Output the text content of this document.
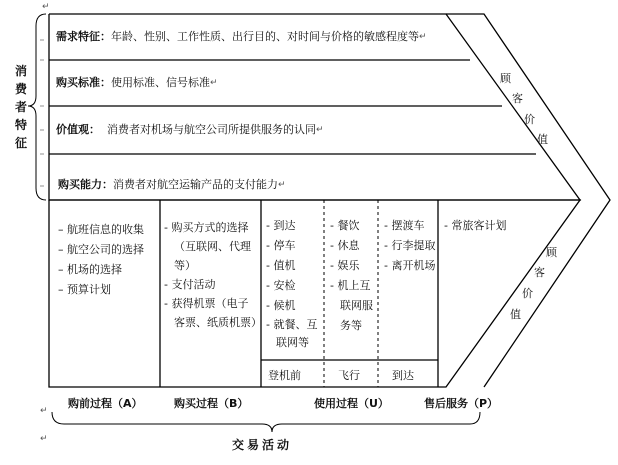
消
费
者
特
征
需求特征：年龄、性别、工作性质、出行目的、对时间与价格的敏感程度等 ↵
购买标准：使用标准、信号标准 ↵
价值观： 消费者对机场与航空公司所提供服务的认同 ↵
购买能力：消费者对航空运输产品的支付能力 ↵
顾
客
价
值
顾
客
价
值
– 航班信息的收集
– 航空公司的选择
– 机场的选择
– 预算计划
- 购买方式的选择（互联网、代理等）
- 支付活动
- 获得机票（电子客票、纸质机票）
- 到达
- 停车
- 值机
- 安检
- 候机
- 就餐、互联网等
- 餐饮
- 休息
- 娱乐
- 机上互联网服务等
- 摆渡车
- 行李提取
- 离开机场
- 常旅客计划
登机前	飞行	到达
购前过程（A）	购买过程（B）	使用过程（U）	售后服务（P）
交易活动
↵
↵
↵
